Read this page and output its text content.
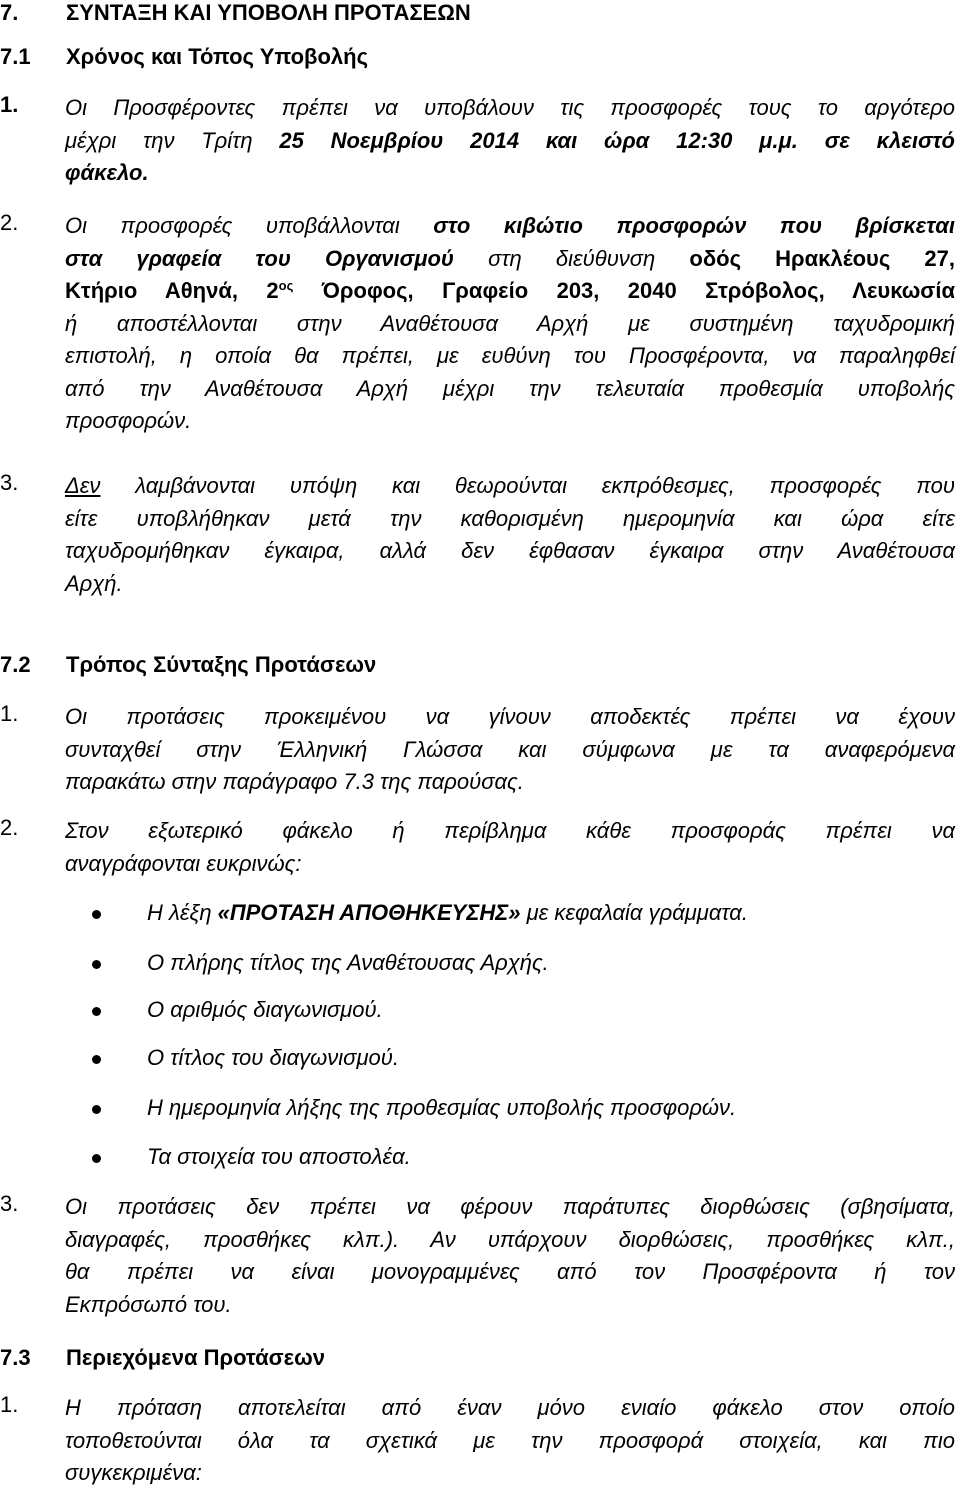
7. ΣΥΝΤΑΞΗ ΚΑΙ ΥΠΟΒΟΛΗ ΠΡΟΤΑΣΕΩΝ
7.1 Χρόνος και Τόπος Υποβολής
1. Οι Προσφέροντες πρέπει να υποβάλουν τις προσφορές τους το αργότερο
μέχρι την Τρίτη 25 Νοεμβρίου 2014 και ώρα 12:30 μ.μ. σε κλειστό
φάκελο.
2. Οι προσφορές υποβάλλονται στο κιβώτιο προσφορών που βρίσκεται
στα γραφεία του Οργανισμού στη διεύθυνση οδός Ηρακλέους 27,
Κτήριο Αθηνά, $2^{o\varsigma}$ Όροφος, Γραφείο 203, 2040 Στρόβολος, Λευκωσία
ή αποστέλλονται στην Αναθέτουσα Αρχή με συστημένη ταχυδρομική
επιστολή, η οποία θα πρέπει, με ευθύνη του Προσφέροντα, να παραληφθεί
από την Αναθέτουσα Αρχή μέχρι την τελευταία προθεσμία υποβολής
προσφορών.
3. Δεν λαμβάνονται υπόψη και θεωρούνται εκπρόθεσμες, προσφορές που
είτε υποβλήθηκαν μετά την καθορισμένη ημερομηνία και ώρα είτε
ταχυδρομήθηκαν έγκαιρα, αλλά δεν έφθασαν έγκαιρα στην Αναθέτουσα
Αρχή.
7.2 Τρόπος Σύνταξης Προτάσεων
1. Οι προτάσεις προκειμένου να γίνουν αποδεκτές πρέπει να έχουν
συνταχθεί στην Έλληνική Γλώσσα και σύμφωνα με τα αναφερόμενα
παρακάτω στην παράγραφο 7.3 της παρούσας.
2. Στον εξωτερικό φάκελο ή περίβλημα κάθε προσφοράς πρέπει να
αναγράφονται ευκρινώς:
Η λέξη «ΠΡΟΤΑΣΗ ΑΠΟΘΗΚΕΥΣΗΣ» με κεφαλαία γράμματα.
Ο πλήρης τίτλος της Αναθέτουσας Αρχής.
Ο αριθμός διαγωνισμού.
Ο τίτλος του διαγωνισμού.
Η ημερομηνία λήξης της προθεσμίας υποβολής προσφορών.
Τα στοιχεία του αποστολέα.
3. Οι προτάσεις δεν πρέπει να φέρουν παράτυπες διορθώσεις (σβησίματα,
διαγραφές, προσθήκες κλπ.). Αν υπάρχουν διορθώσεις, προσθήκες κλπ.,
θα πρέπει να είναι μονογραμμένες από τον Προσφέροντα ή τον
Εκπρόσωπό του.
7.3 Περιεχόμενα Προτάσεων
1. Η πρόταση αποτελείται από έναν μόνο ενιαίο φάκελο στον οποίο
τοποθετούνται όλα τα σχετικά με την προσφορά στοιχεία, και πιο
συγκεκριμένα:
